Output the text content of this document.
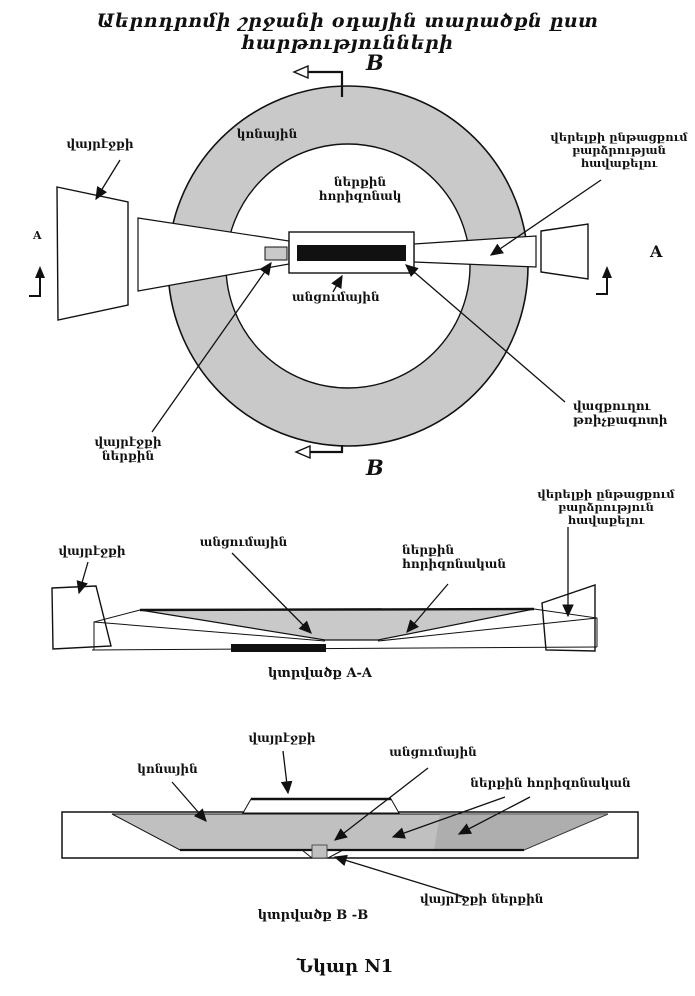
Աերոդրոմի շրջանի օդային տարածքն ըստ հարթությունների
վայրէջքի
կոնային
ներքին
հորիզոնակ
վերելքի ընթացքում
բարձրության
հավաքելու
անցումային
վայրէջքի
ներքին
վազքուղու
թռիչքագոտի
B
B
A
A
վայրէջքի
անցումային
ներքին
հորիզոնական
վերելքի ընթացքում
բարձրություն հավաքելու
կտրվածք A-A
վայրէջքի
անցումային
կոնային
ներքին հորիզոնական
վայրէջքի ներքին
կտրվածք B -B
Նկար N1
